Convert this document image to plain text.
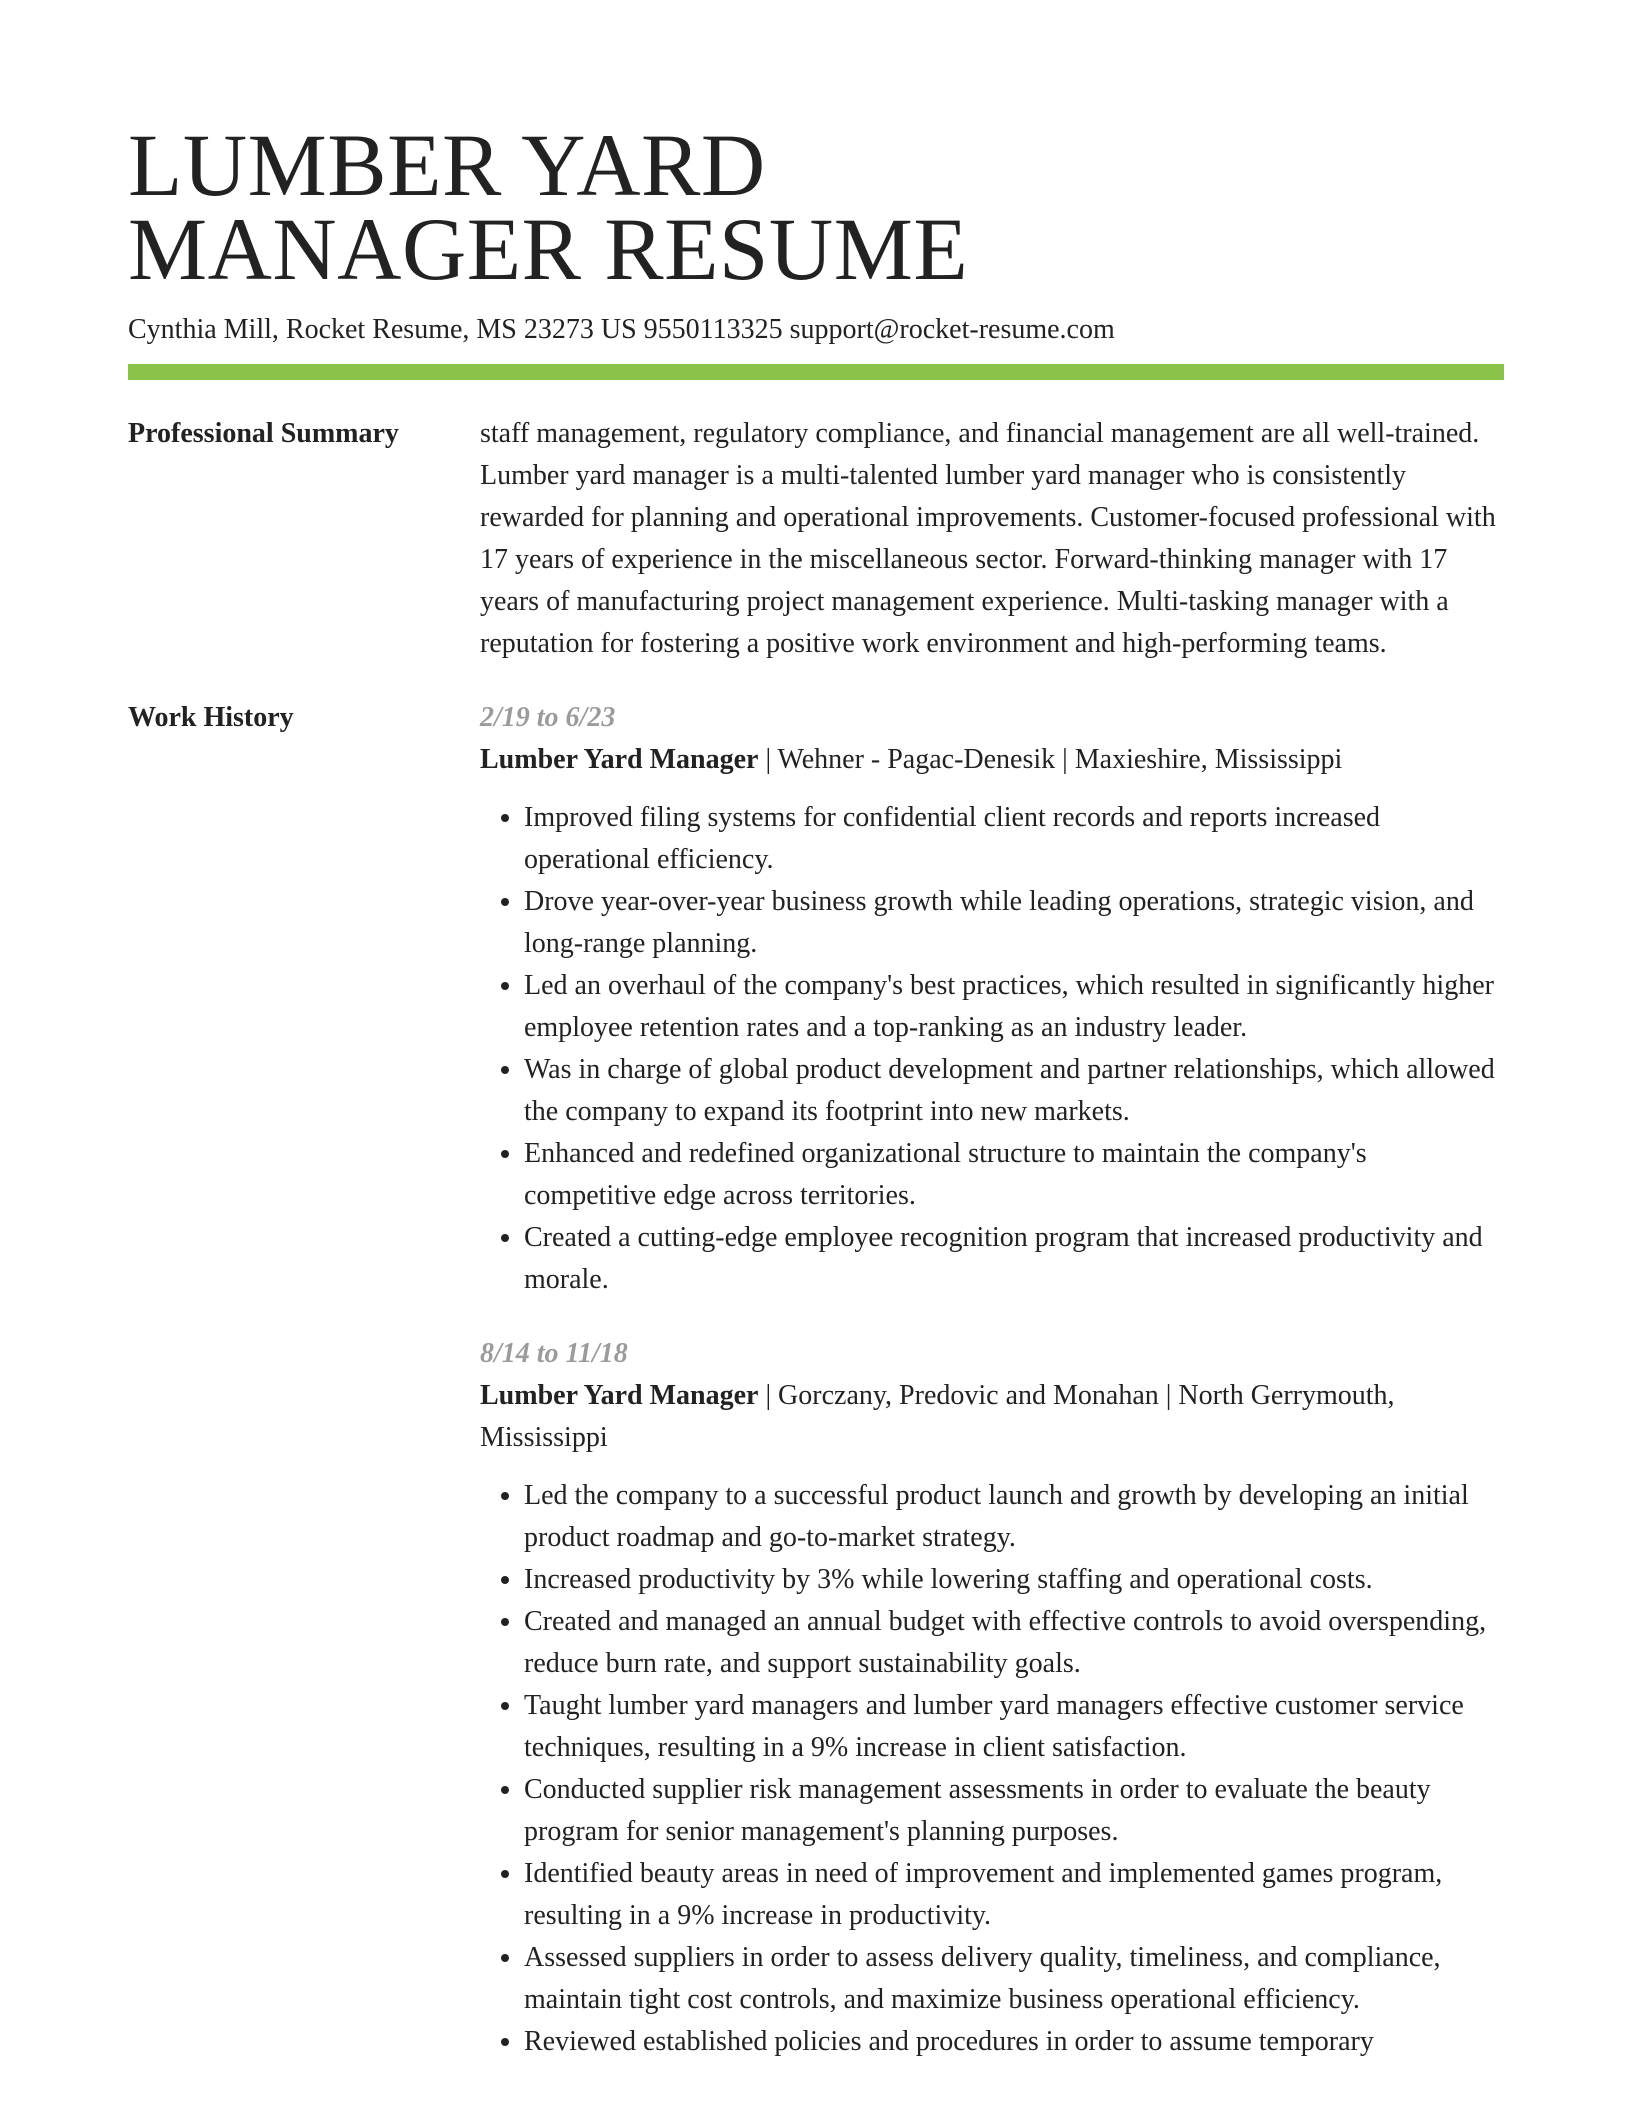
LUMBER YARD
MANAGER RESUME
Cynthia Mill, Rocket Resume, MS 23273 US 9550113325 support@rocket-resume.com
Professional Summary	staff management, regulatory compliance, and financial management are all well-trained. Lumber yard manager is a multi-talented lumber yard manager who is consistently rewarded for planning and operational improvements. Customer-focused professional with 17 years of experience in the miscellaneous sector. Forward-thinking manager with 17 years of manufacturing project management experience. Multi-tasking manager with a reputation for fostering a positive work environment and high-performing teams.
Work History	2/19 to 6/23
Lumber Yard Manager | Wehner - Pagac-Denesik | Maxieshire, Mississippi
• Improved filing systems for confidential client records and reports increased operational efficiency.
• Drove year-over-year business growth while leading operations, strategic vision, and long-range planning.
• Led an overhaul of the company's best practices, which resulted in significantly higher employee retention rates and a top-ranking as an industry leader.
• Was in charge of global product development and partner relationships, which allowed the company to expand its footprint into new markets.
• Enhanced and redefined organizational structure to maintain the company's competitive edge across territories.
• Created a cutting-edge employee recognition program that increased productivity and morale.
8/14 to 11/18
Lumber Yard Manager | Gorczany, Predovic and Monahan | North Gerrymouth, Mississippi
• Led the company to a successful product launch and growth by developing an initial product roadmap and go-to-market strategy.
• Increased productivity by 3% while lowering staffing and operational costs.
• Created and managed an annual budget with effective controls to avoid overspending, reduce burn rate, and support sustainability goals.
• Taught lumber yard managers and lumber yard managers effective customer service techniques, resulting in a 9% increase in client satisfaction.
• Conducted supplier risk management assessments in order to evaluate the beauty program for senior management's planning purposes.
• Identified beauty areas in need of improvement and implemented games program, resulting in a 9% increase in productivity.
• Assessed suppliers in order to assess delivery quality, timeliness, and compliance, maintain tight cost controls, and maximize business operational efficiency.
• Reviewed established policies and procedures in order to assume temporary
